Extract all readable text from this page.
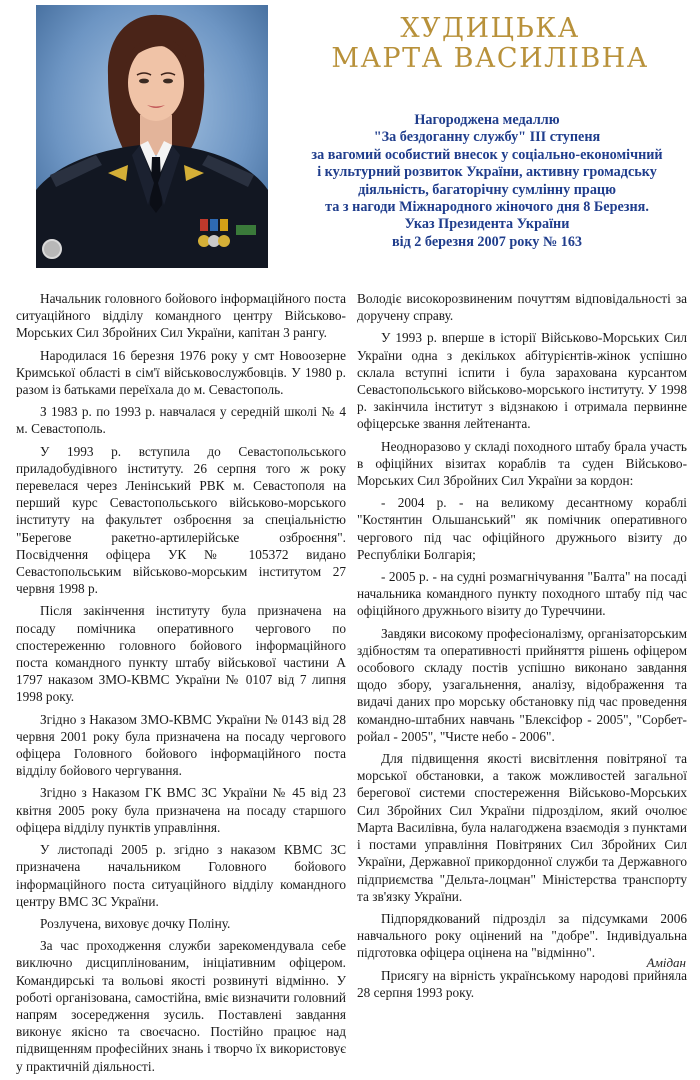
ХУДИЦЬКА
МАРТА ВАСИЛІВНА
Нагороджена медаллю
"За бездоганну службу" ІІІ ступеня
за вагомий особистий внесок у соціально-економічний
і культурний розвиток України, активну громадську
діяльність, багаторічну сумлінну працю
та з нагоди Міжнародного жіночого дня 8 Березня.
Указ Президента України
від 2 березня 2007 року № 163

Начальник головного бойового інформаційного поста ситуаційного відділу командного центру Військово-Морських Сил Збройних Сил України, капітан 3 рангу.

Народилася 16 березня 1976 року у смт Новоозерне Кримської області в сім'ї військовослужбовців. У 1980 р. разом із батьками переїхала до м. Севастополь.

З 1983 р. по 1993 р. навчалася у середній школі № 4 м. Севастополь.

У 1993 р. вступила до Севастопольського приладобудівного інституту. 26 серпня того ж року перевелася через Ленінський РВК м. Севастополя на перший курс Севастопольського військово-морського інституту на факультет озброєння за спеціальністю "Берегове ракетно-артилерійське озброєння". Посвідчення офіцера УК № 105372 видано Севастопольським військово-морським інститутом 27 червня 1998 р.

Після закінчення інституту була призначена на посаду помічника оперативного чергового по спостереженню головного бойового інформаційного поста командного пункту штабу військової частини А 1797 наказом ЗМО-КВМС України № 0107 від 7 липня 1998 року.

Згідно з Наказом ЗМО-КВМС України № 0143 від 28 червня 2001 року була призначена на посаду чергового офіцера Головного бойового інформаційного поста відділу бойового чергування.

Згідно з Наказом ГК ВМС ЗС України № 45 від 23 квітня 2005 року була призначена на посаду старшого офіцера відділу пунктів управління.

У листопаді 2005 р. згідно з наказом КВМС ЗС призначена начальником Головного бойового інформаційного поста ситуаційного відділу командного центру ВМС ЗС України.

Розлучена, виховує дочку Поліну.

За час проходження служби зарекомендувала себе виключно дисциплінованим, ініціативним офіцером. Командирські та вольові якості розвинуті відмінно. У роботі організована, самостійна, вміє визначити головний напрям зосередження зусиль. Поставлені завдання виконує якісно та своєчасно. Постійно працює над підвищенням професійних знань і творчо їх використовує у практичній діяльності.

Володіє високорозвиненим почуттям відповідальності за доручену справу.

У 1993 р. вперше в історії Військово-Морських Сил України одна з декількох абітурієнтів-жінок успішно склала вступні іспити і була зарахована курсантом Севастопольського військово-морського інституту. У 1998 р. закінчила інститут з відзнакою і отримала первинне офіцерське звання лейтенанта.

Неодноразово у складі походного штабу брала участь в офіційних візитах кораблів та суден Військово-Морських Сил Збройних Сил України за кордон:

- 2004 р. - на великому десантному кораблі "Костянтин Ольшанський" як помічник оперативного чергового під час офіційного дружнього візиту до Республіки Болгарія;

- 2005 р. - на судні розмагнічування "Балта" на посаді начальника командного пункту походного штабу під час офіційного дружнього візиту до Туреччини.

Завдяки високому професіоналізму, організаторським здібностям та оперативності прийняття рішень офіцером особового складу постів успішно виконано завдання щодо збору, узагальнення, аналізу, відображення та видачі даних про морську обстановку під час проведення командно-штабних навчань "Блексіфор - 2005", "Сорбет-ройал - 2005", "Чисте небо - 2006".

Для підвищення якості висвітлення повітряної та морської обстановки, а також можливостей загальної берегової системи спостереження Військово-Морських Сил Збройних Сил України підрозділом, який очолює Марта Василівна, була налагоджена взаємодія з пунктами і постами управління Повітряних Сил Збройних Сил України, Державної прикордонної служби та Державного підприємства "Дельта-лоцман" Міністерства транспорту та зв'язку України.

Підпорядкований підрозділ за підсумками 2006 навчального року оцінений на "добре". Індивідуальна підготовка офіцера оцінена на "відмінно".

Присягу на вірність українському народові прийняла 28 серпня 1993 року.

Амідан
